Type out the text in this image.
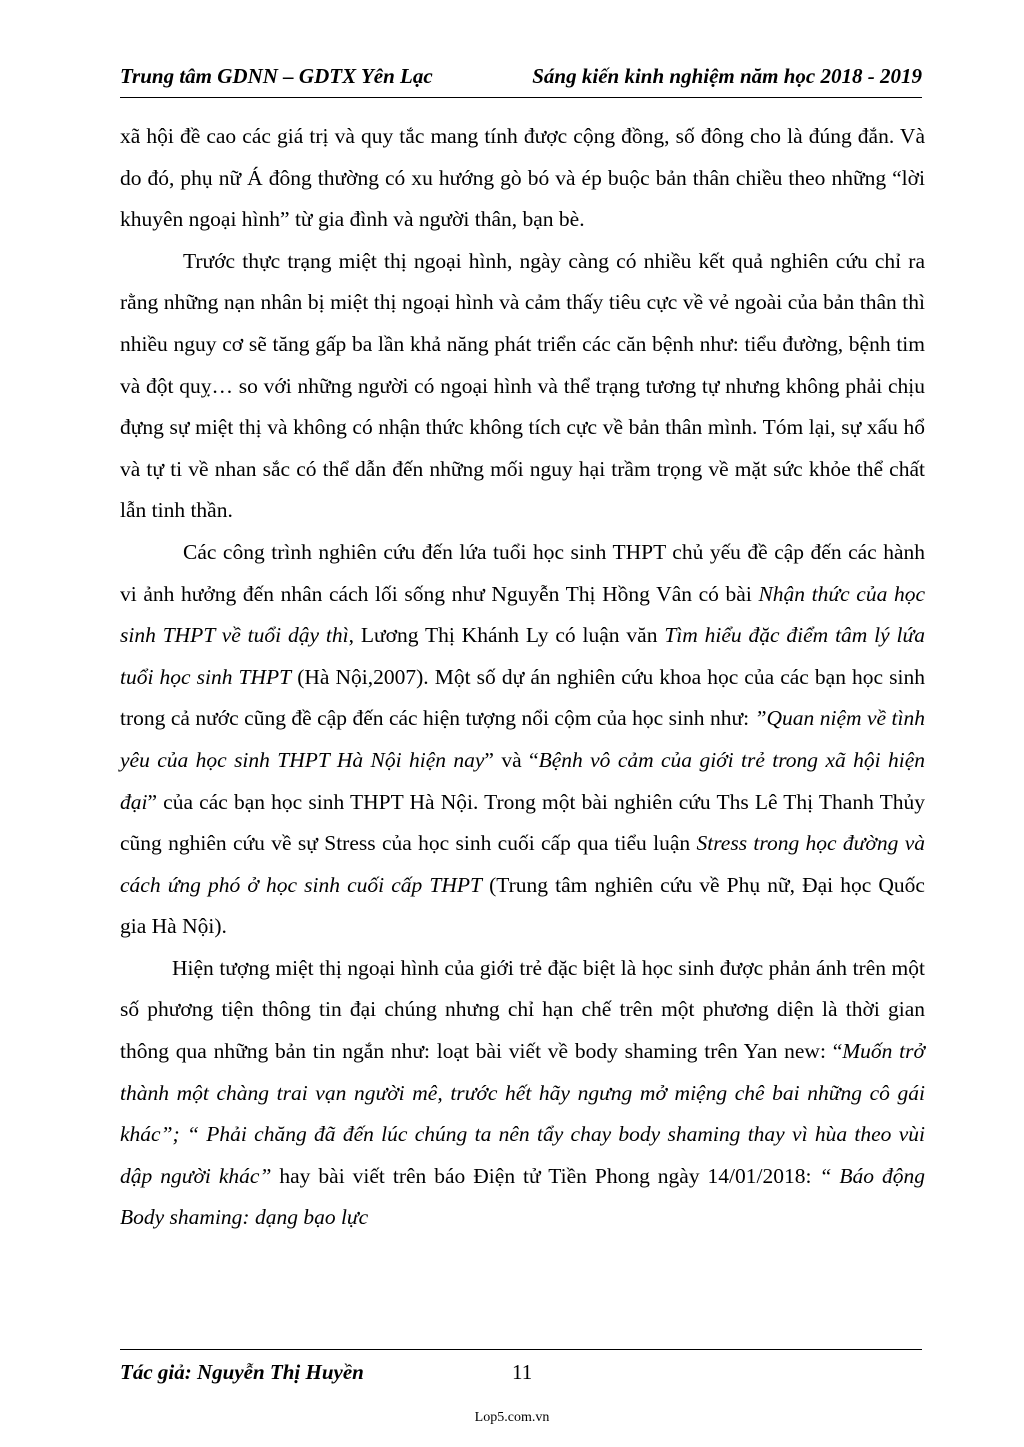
Trung tâm GDNN – GDTX Yên Lạc	Sáng kiến kinh nghiệm năm học 2018 - 2019

xã hội đề cao các giá trị và quy tắc mang tính được cộng đồng, số đông cho là đúng đắn. Và do đó, phụ nữ Á đông thường có xu hướng gò bó và ép buộc bản thân chiều theo những “lời khuyên ngoại hình” từ gia đình và người thân, bạn bè.

Trước thực trạng miệt thị ngoại hình, ngày càng có nhiều kết quả nghiên cứu chỉ ra rằng những nạn nhân bị miệt thị ngoại hình và cảm thấy tiêu cực về vẻ ngoài của bản thân thì nhiều nguy cơ sẽ tăng gấp ba lần khả năng phát triển các căn bệnh như: tiểu đường, bệnh tim và đột quỵ… so với những người có ngoại hình và thể trạng tương tự nhưng không phải chịu đựng sự miệt thị và không có nhận thức không tích cực về bản thân mình. Tóm lại, sự xấu hổ và tự ti về nhan sắc có thể dẫn đến những mối nguy hại trầm trọng về mặt sức khỏe thể chất lẫn tinh thần.

Các công trình nghiên cứu đến lứa tuổi học sinh THPT chủ yếu đề cập đến các hành vi ảnh hưởng đến nhân cách lối sống như Nguyễn Thị Hồng Vân có bài Nhận thức của học sinh THPT về tuổi dậy thì, Lương Thị Khánh Ly có luận văn Tìm hiểu đặc điểm tâm lý lứa tuổi học sinh THPT (Hà Nội,2007). Một số dự án nghiên cứu khoa học của các bạn học sinh trong cả nước cũng đề cập đến các hiện tượng nổi cộm của học sinh như: ”Quan niệm về tình yêu của học sinh THPT Hà Nội hiện nay” và “Bệnh vô cảm của giới trẻ trong xã hội hiện đại” của các bạn học sinh THPT Hà Nội. Trong một bài nghiên cứu Ths Lê Thị Thanh Thủy cũng nghiên cứu về sự Stress của học sinh cuối cấp qua tiểu luận Stress trong học đường và cách ứng phó ở học sinh cuối cấp THPT (Trung tâm nghiên cứu về Phụ nữ, Đại học Quốc gia Hà Nội).

Hiện tượng miệt thị ngoại hình của giới trẻ đặc biệt là học sinh được phản ánh trên một số phương tiện thông tin đại chúng nhưng chỉ hạn chế trên một phương diện là thời gian thông qua những bản tin ngắn như: loạt bài viết về body shaming trên Yan new: “Muốn trở thành một chàng trai vạn người mê, trước hết hãy ngưng mở miệng chê bai những cô gái khác”; “ Phải chăng đã đến lúc chúng ta nên tẩy chay body shaming thay vì hùa theo vùi dập người khác” hay bài viết trên báo Điện tử Tiền Phong ngày 14/01/2018: “ Báo động Body shaming: dạng bạo lực

Tác giả: Nguyễn Thị Huyền	11
Lop5.com.vn
